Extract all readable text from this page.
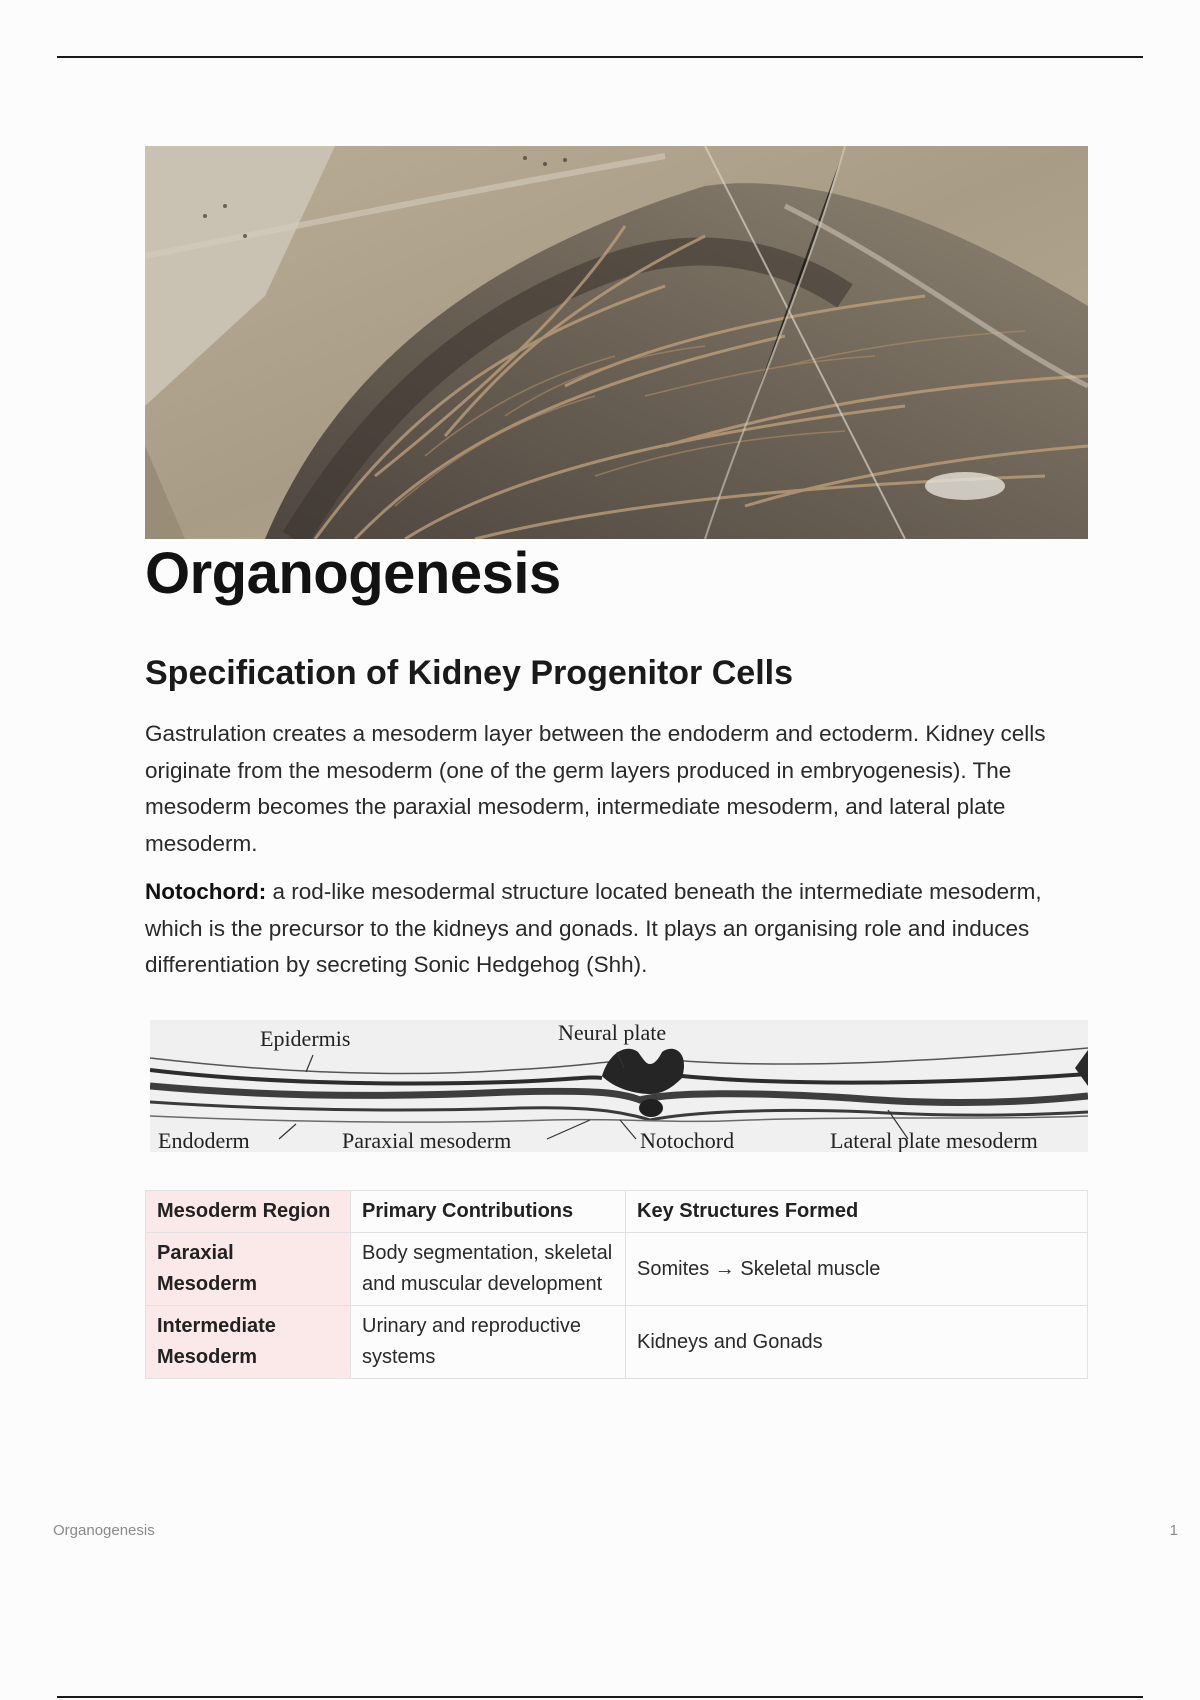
Organogenesis
Specification of Kidney Progenitor Cells

Gastrulation creates a mesoderm layer between the endoderm and ectoderm. Kidney cells originate from the mesoderm (one of the germ layers produced in embryogenesis). The mesoderm becomes the paraxial mesoderm, intermediate mesoderm, and lateral plate mesoderm.

Notochord: a rod-like mesodermal structure located beneath the intermediate mesoderm, which is the precursor to the kidneys and gonads. It plays an organising role and induces differentiation by secreting Sonic Hedgehog (Shh).

Epidermis	Neural plate
Endoderm	Paraxial mesoderm	Notochord	Lateral plate mesoderm
Mesoderm Region	Primary Contributions	Key Structures Formed
Paraxial Mesoderm	Body segmentation, skeletal and muscular development	Somites → Skeletal muscle
Intermediate Mesoderm	Urinary and reproductive systems	Kidneys and Gonads
Organogenesis	1
